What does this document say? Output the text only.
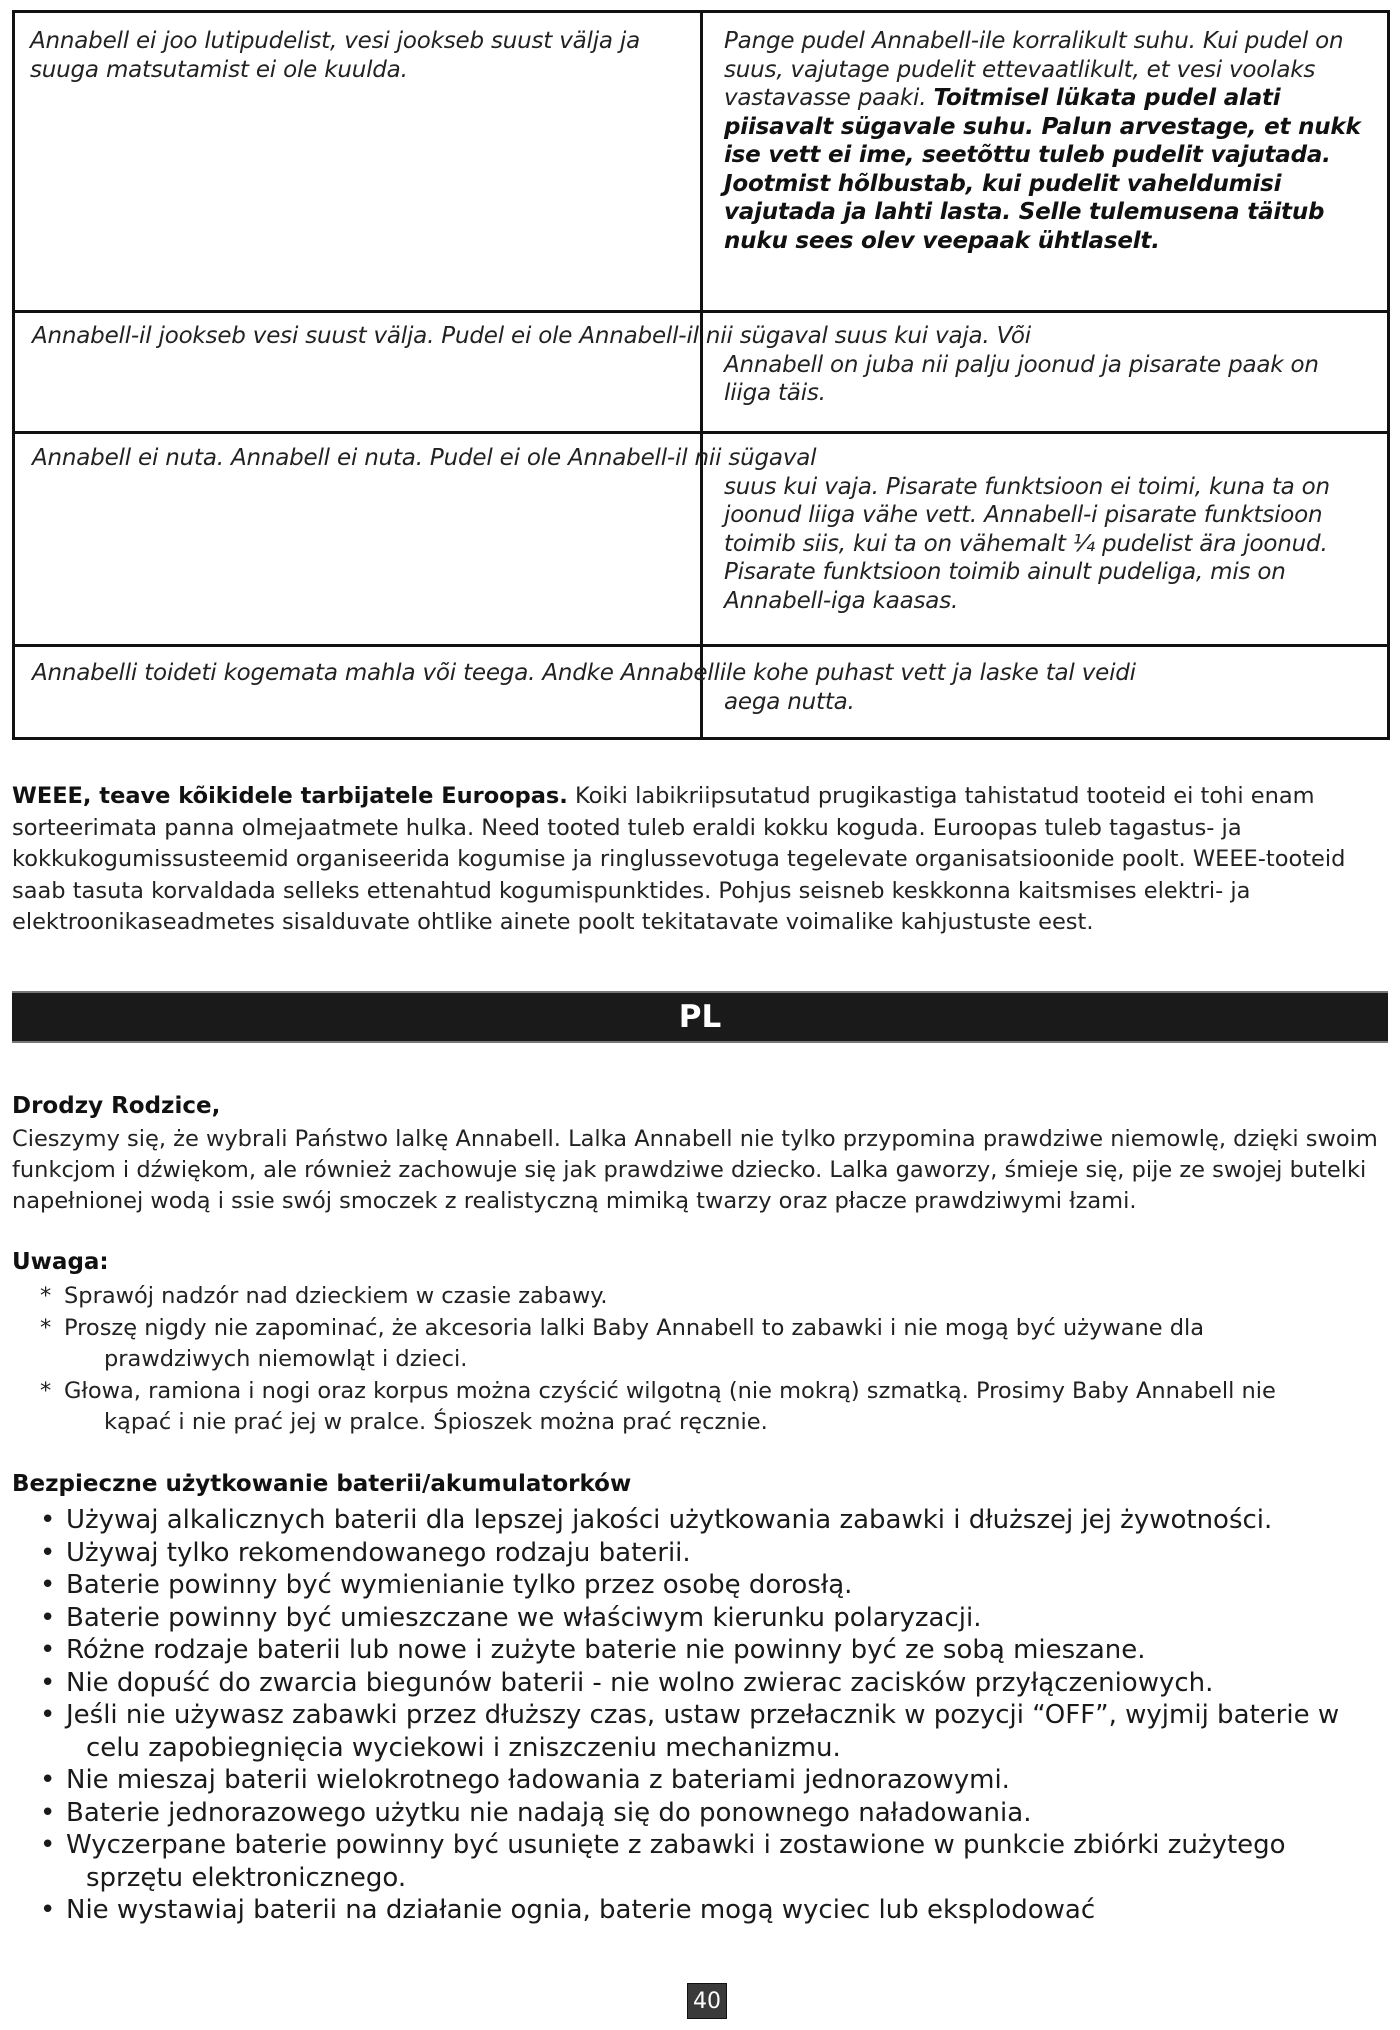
Annabell ei joo lutipudelist, vesi jookseb suust välja ja suuga matsutamist ei ole kuulda.
Pange pudel Annabell-ile korralikult suhu. Kui pudel on suus, vajutage pudelit ettevaatlikult, et vesi voolaks vastavasse paaki. Toitmisel lükata pudel alati piisavalt sügavale suhu. Palun arvestage, et nukk ise vett ei ime, seetõttu tuleb pudelit vajutada. Jootmist hõlbustab, kui pudelit vaheldumisi vajutada ja lahti lasta. Selle tulemusena täitub nuku sees olev veepaak ühtlaselt.
Annabell-il jookseb vesi suust välja. Pudel ei ole Annabell-il nii sügaval suus kui vaja. Või
Annabell on juba nii palju joonud ja pisarate paak on
liiga täis.
Annabell ei nuta. Annabell ei nuta. Pudel ei ole Annabell-il nii sügaval
suus kui vaja. Pisarate funktsioon ei toimi, kuna ta on
joonud liiga vähe vett. Annabell-i pisarate funktsioon
toimib siis, kui ta on vähemalt ¼ pudelist ära joonud.
Pisarate funktsioon toimib ainult pudeliga, mis on
Annabell-iga kaasas.
Annabelli toideti kogemata mahla või teega. Andke Annabellile kohe puhast vett ja laske tal veidi
aega nutta.
WEEE, teave kõikidele tarbijatele Euroopas. Koiki labikriipsutatud prugikastiga tahistatud tooteid ei tohi enam sorteerimata panna olmejaatmete hulka. Need tooted tuleb eraldi kokku koguda. Euroopas tuleb tagastus- ja kokkukogumissusteemid organiseerida kogumise ja ringlussevotuga tegelevate organisatsioonide poolt. WEEE-tooteid saab tasuta korvaldada selleks ettenahtud kogumispunktides. Pohjus seisneb keskkonna kaitsmises elektri- ja elektroonikaseadmetes sisalduvate ohtlike ainete poolt tekitatavate voimalike kahjustuste eest.
PL
Drodzy Rodzice,
Cieszymy się, że wybrali Państwo lalkę Annabell. Lalka Annabell nie tylko przypomina prawdziwe niemowlę, dzięki swoim funkcjom i dźwiękom, ale również zachowuje się jak prawdziwe dziecko. Lalka gaworzy, śmieje się, pije ze swojej butelki napełnionej wodą i ssie swój smoczek z realistyczną mimiką twarzy oraz płacze prawdziwymi łzami.
Uwaga:
* Sprawój nadzór nad dzieckiem w czasie zabawy.
* Proszę nigdy nie zapominać, że akcesoria lalki Baby Annabell to zabawki i nie mogą być używane dla
prawdziwych niemowląt i dzieci.
* Głowa, ramiona i nogi oraz korpus można czyścić wilgotną (nie mokrą) szmatką. Prosimy Baby Annabell nie
kąpać i nie prać jej w pralce. Śpioszek można prać ręcznie.
Bezpieczne użytkowanie baterii/akumulatorków
• Używaj alkalicznych baterii dla lepszej jakości użytkowania zabawki i dłuższej jej żywotności.
• Używaj tylko rekomendowanego rodzaju baterii.
• Baterie powinny być wymienianie tylko przez osobę dorosłą.
• Baterie powinny być umieszczane we właściwym kierunku polaryzacji.
• Różne rodzaje baterii lub nowe i zużyte baterie nie powinny być ze sobą mieszane.
• Nie dopuść do zwarcia biegunów baterii - nie wolno zwierac zacisków przyłączeniowych.
• Jeśli nie używasz zabawki przez dłuższy czas, ustaw przełacznik w pozycji “OFF”, wyjmij baterie w
celu zapobiegnięcia wyciekowi i zniszczeniu mechanizmu.
• Nie mieszaj baterii wielokrotnego ładowania z bateriami jednorazowymi.
• Baterie jednorazowego użytku nie nadają się do ponownego naładowania.
• Wyczerpane baterie powinny być usunięte z zabawki i zostawione w punkcie zbiórki zużytego
sprzętu elektronicznego.
• Nie wystawiaj baterii na działanie ognia, baterie mogą wyciec lub eksplodować
40
